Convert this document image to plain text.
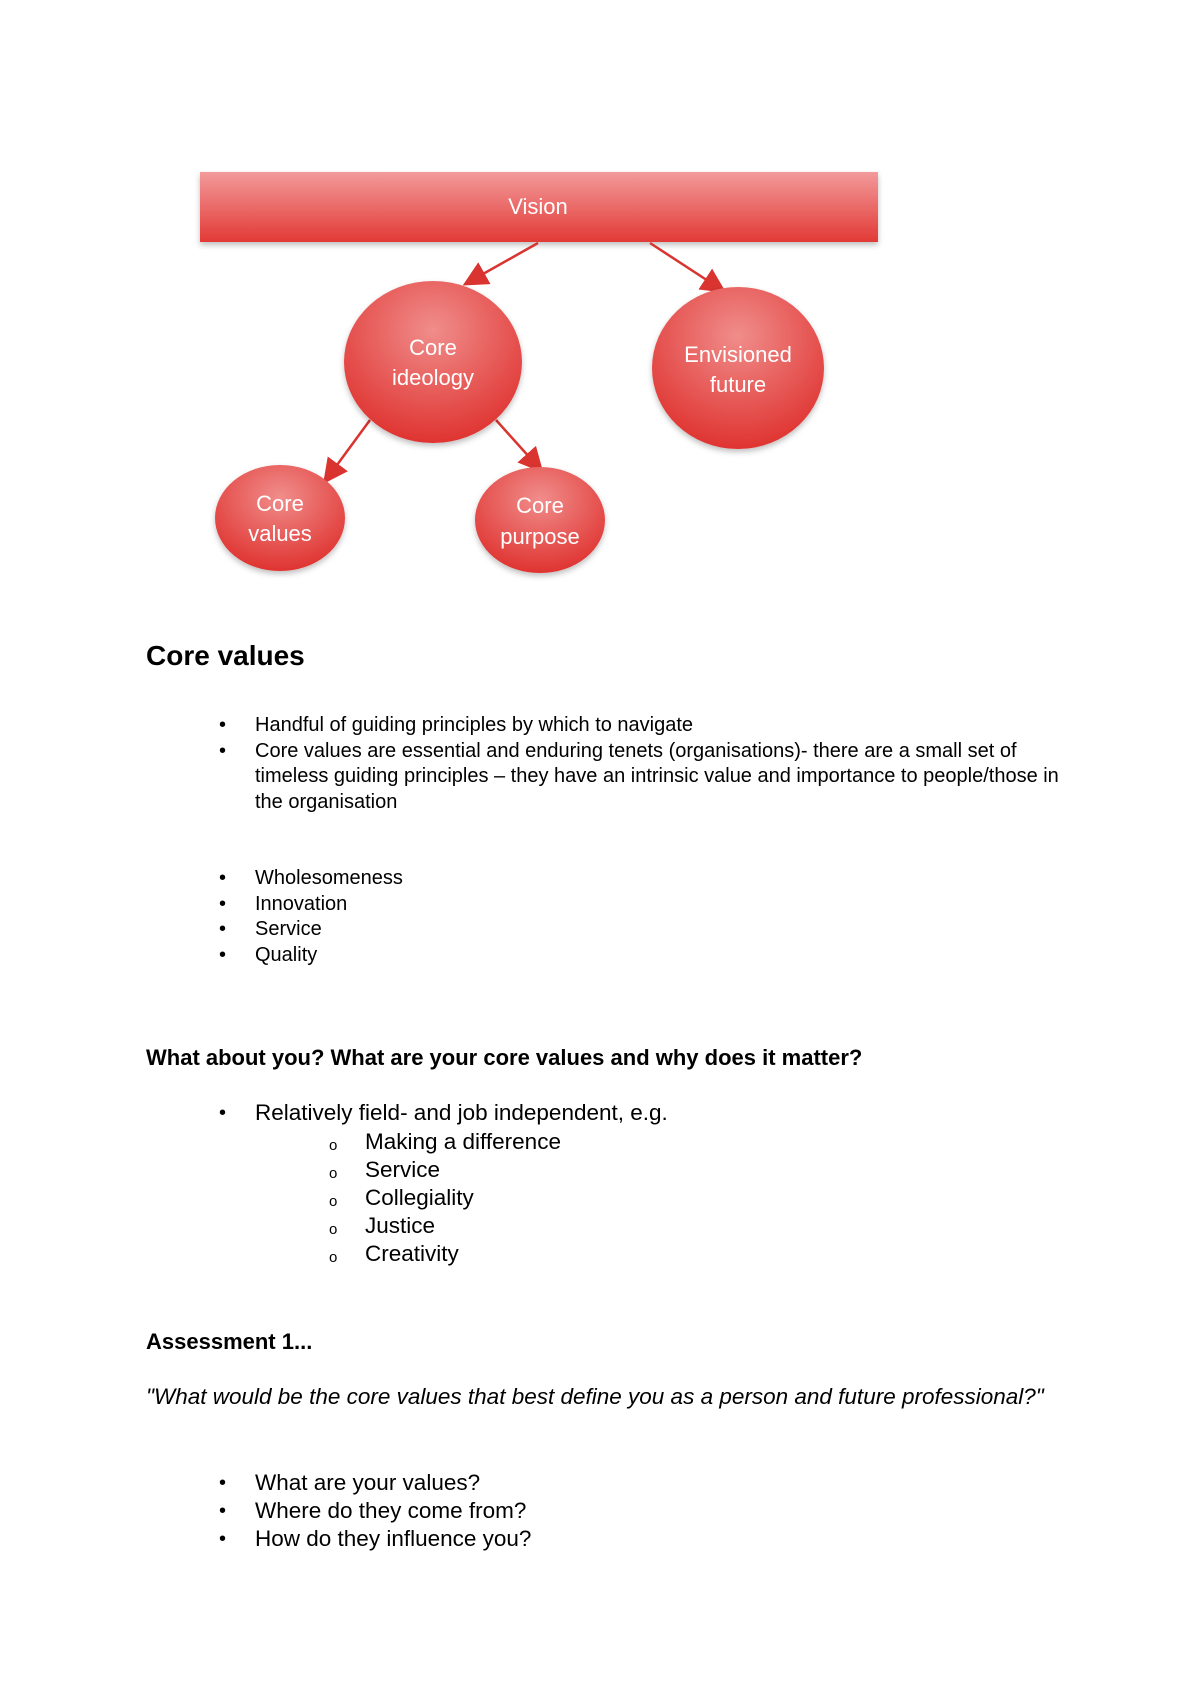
Vision
Core
ideology
Envisioned
future
Core
values
Core
purpose
Core values
• Handful of guiding principles by which to navigate
• Core values are essential and enduring tenets (organisations)- there are a small set of timeless guiding principles – they have an intrinsic value and importance to people/those in the organisation
• Wholesomeness
• Innovation
• Service
• Quality
What about you? What are your core values and why does it matter?
• Relatively field- and job independent, e.g.
o Making a difference
o Service
o Collegiality
o Justice
o Creativity
Assessment 1...

"What would be the core values that best define you as a person and future professional?"

• What are your values?
• Where do they come from?
• How do they influence you?
